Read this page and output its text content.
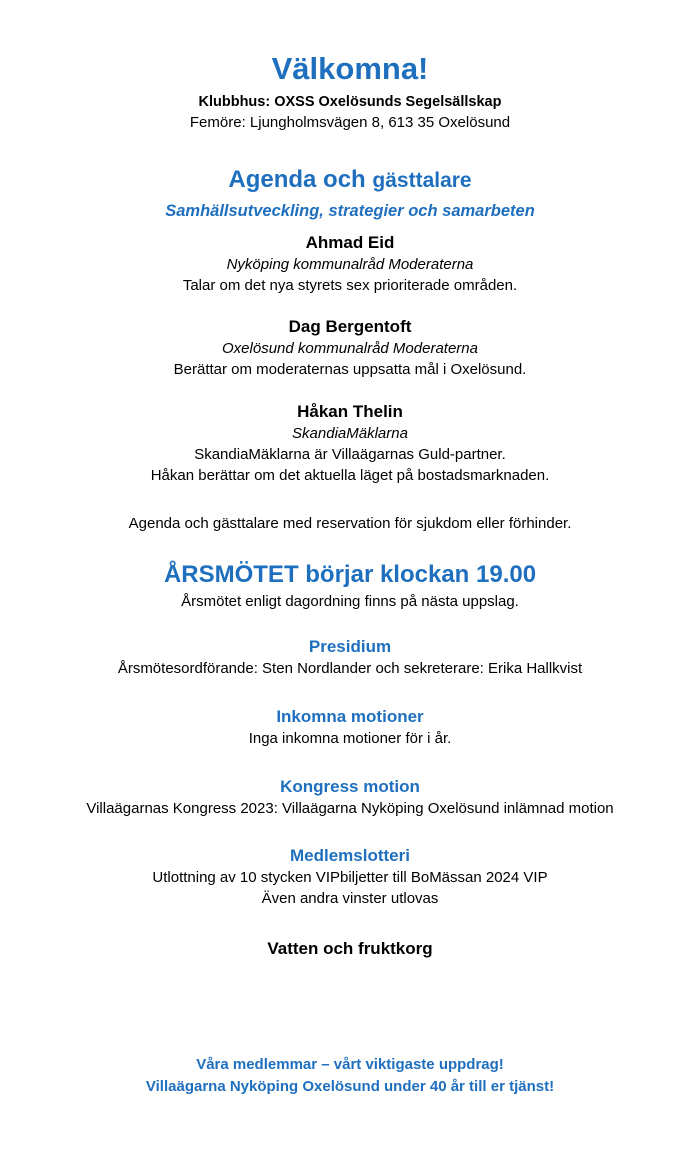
Välkomna!
Klubbhus: OXSS Oxelösunds Segelsällskap
Femöre: Ljungholmsvägen 8, 613 35 Oxelösund
Agenda och gästtalare
Samhällsutveckling, strategier och samarbeten
Ahmad Eid
Nyköping kommunalråd Moderaterna
Talar om det nya styrets sex prioriterade områden.
Dag Bergentoft
Oxelösund kommunalråd Moderaterna
Berättar om moderaternas uppsatta mål i Oxelösund.
Håkan Thelin
SkandiaMäklarna
SkandiaMäklarna är Villaägarnas Guld-partner.
Håkan berättar om det aktuella läget på bostadsmarknaden.
Agenda och gästtalare med reservation för sjukdom eller förhinder.
ÅRSMÖTET börjar klockan 19.00
Årsmötet enligt dagordning finns på nästa uppslag.
Presidium
Årsmötesordförande: Sten Nordlander och sekreterare: Erika Hallkvist
Inkomna motioner
Inga inkomna motioner för i år.
Kongress motion
Villaägarnas Kongress 2023: Villaägarna Nyköping Oxelösund inlämnad motion
Medlemslotteri
Utlottning av 10 stycken VIPbiljetter till BoMässan 2024 VIP
Även andra vinster utlovas
Vatten och fruktkorg
Våra medlemmar – vårt viktigaste uppdrag!
Villaägarna Nyköping Oxelösund under 40 år till er tjänst!
